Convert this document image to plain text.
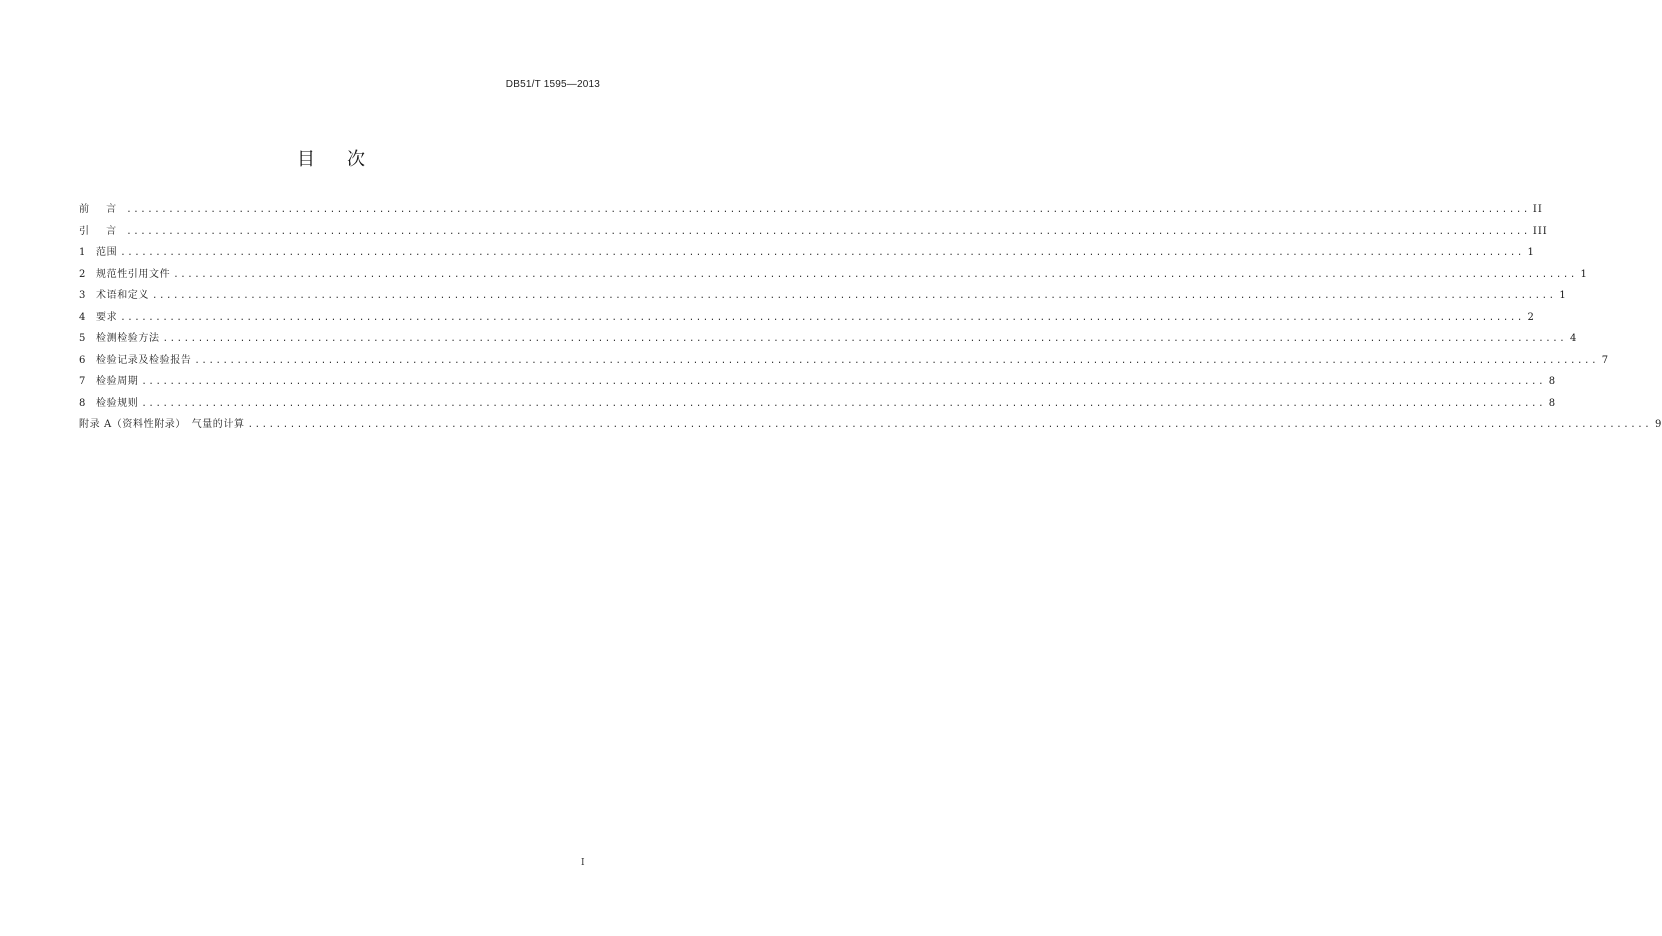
DB51/T 1595—2013
目 次
前 言 ........................................................................................................................................................................................................ II
引 言 ........................................................................................................................................................................................................ III
1	范围 ........................................................................................................................................................................................................ 1
2	规范性引用文件 ........................................................................................................................................................................................................ 1
3	术语和定义 ........................................................................................................................................................................................................ 1
4	要求 ........................................................................................................................................................................................................ 2
5	检测检验方法 ........................................................................................................................................................................................................ 4
6	检验记录及检验报告 ........................................................................................................................................................................................................ 7
7	检验周期 ........................................................................................................................................................................................................ 8
8	检验规则 ........................................................................................................................................................................................................ 8
附录 A（资料性附录）　气量的计算 ........................................................................................................................................................................................................ 9
I
